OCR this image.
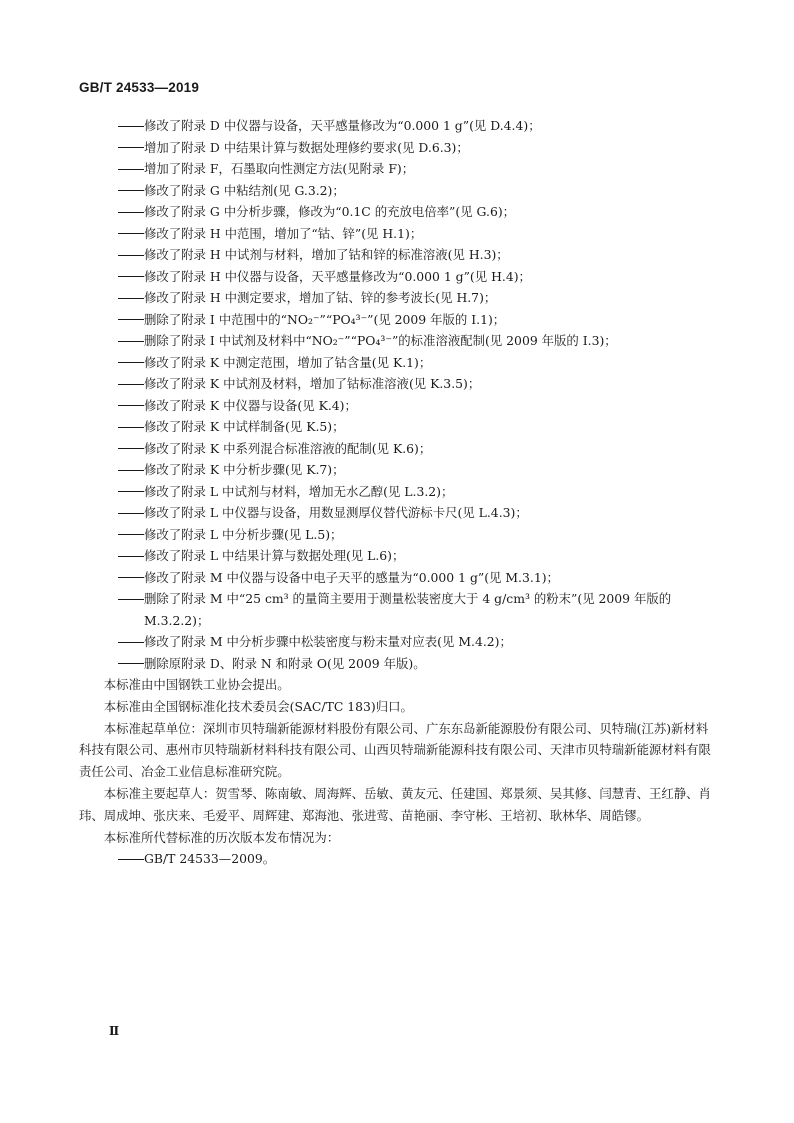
GB/T 24533—2019
修改了附录 D 中仪器与设备，天平感量修改为“0.000 1 g”(见 D.4.4)；
增加了附录 D 中结果计算与数据处理修约要求(见 D.6.3)；
增加了附录 F，石墨取向性测定方法(见附录 F)；
修改了附录 G 中粘结剂(见 G.3.2)；
修改了附录 G 中分析步骤，修改为“0.1C 的充放电倍率”(见 G.6)；
修改了附录 H 中范围，增加了“钴、锌”(见 H.1)；
修改了附录 H 中试剂与材料，增加了钴和锌的标准溶液(见 H.3)；
修改了附录 H 中仪器与设备，天平感量修改为“0.000 1 g”(见 H.4)；
修改了附录 H 中测定要求，增加了钴、锌的参考波长(见 H.7)；
删除了附录 I 中范围中的“NO₂⁻”“PO₄³⁻”(见 2009 年版的 I.1)；
删除了附录 I 中试剂及材料中“NO₂⁻”“PO₄³⁻”的标准溶液配制(见 2009 年版的 I.3)；
修改了附录 K 中测定范围，增加了钴含量(见 K.1)；
修改了附录 K 中试剂及材料，增加了钴标准溶液(见 K.3.5)；
修改了附录 K 中仪器与设备(见 K.4)；
修改了附录 K 中试样制备(见 K.5)；
修改了附录 K 中系列混合标准溶液的配制(见 K.6)；
修改了附录 K 中分析步骤(见 K.7)；
修改了附录 L 中试剂与材料，增加无水乙醇(见 L.3.2)；
修改了附录 L 中仪器与设备，用数显测厚仪替代游标卡尺(见 L.4.3)；
修改了附录 L 中分析步骤(见 L.5)；
修改了附录 L 中结果计算与数据处理(见 L.6)；
修改了附录 M 中仪器与设备中电子天平的感量为“0.000 1 g”(见 M.3.1)；
删除了附录 M 中“25 cm³ 的量筒主要用于测量松装密度大于 4 g/cm³ 的粉末”(见 2009 年版的 M.3.2.2)；
修改了附录 M 中分析步骤中松装密度与粉末量对应表(见 M.4.2)；
删除原附录 D、附录 N 和附录 O(见 2009 年版)。
本标准由中国钢铁工业协会提出。
本标准由全国钢标准化技术委员会(SAC/TC 183)归口。
本标准起草单位：深圳市贝特瑞新能源材料股份有限公司、广东东岛新能源股份有限公司、贝特瑞(江苏)新材料科技有限公司、惠州市贝特瑞新材料科技有限公司、山西贝特瑞新能源科技有限公司、天津市贝特瑞新能源材料有限责任公司、冶金工业信息标准研究院。
本标准主要起草人：贺雪琴、陈南敏、周海辉、岳敏、黄友元、任建国、郑景须、吴其修、闫慧青、王红静、肖玮、周成坤、张庆来、毛爱平、周辉建、郑海池、张进莺、苗艳丽、李守彬、王培初、耿林华、周皓镠。
本标准所代替标准的历次版本发布情况为：
GB/T 24533—2009。
Ⅱ
